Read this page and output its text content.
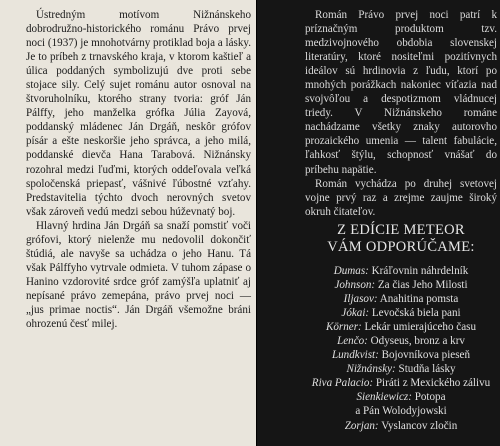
Ústredným motívom Nižnánskeho dobrodružno-historického románu Právo prvej noci (1937) je mnohotvárny protiklad boja a lásky. Je to príbeh z trnavského kraja, v ktorom kaštieľ a úlica poddaných symbolizujú dve proti sebe stojace sily. Celý sujet románu autor osnoval na štvoruholníku, ktorého strany tvoria: gróf Ján Pálffy, jeho manželka grófka Júlia Zayová, poddanský mládenec Ján Drgáň, neskôr grófov písár a ešte neskoršie jeho správca, a jeho milá, poddanské dievča Hana Tarabová. Nižnánsky rozohral medzi ľuďmi, ktorých oddeľovala veľká spoločenská priepasť, vášnivé ľúbostné vzťahy. Predstavitelia týchto dvoch nerovných svetov však zároveň vedú medzi sebou húževnatý boj.

Hlavný hrdina Ján Drgáň sa snaží pomstiť voči grófovi, ktorý nielenže mu nedovolil dokončiť štúdiá, ale navyše sa uchádza o jeho Hanu. Tá však Pálffyho vytrvale odmieta. V tuhom zápase o Hanino vzdorovité srdce gróf zamýšľa uplatniť aj nepísané právo zemepána, právo prvej noci — „jus primae noctis“. Ján Drgáň všemožne bráni ohrozenú česť milej.

Román Právo prvej noci patrí k príznačným produktom tzv. medzivojnového obdobia slovenskej literatúry, ktoré nositeľmi pozitívnych ideálov sú hrdinovia z ľudu, ktorí po mnohých porážkach nakoniec víťazia nad svojvôľou a despotizmom vládnucej triedy. V Nižnánskeho románe nachádzame všetky znaky autorovho prozaického umenia — talent fabulácie, ľahkosť štýlu, schopnosť vnášať do príbehu napätie.

Román vychádza po druhej svetovej vojne prvý raz a zrejme zaujme široký okruh čitateľov.

Z EDÍCIE METEOR
VÁM ODPORÚČAME:
Dumas: Kráľovnin náhrdelník
Johnson: Za čias Jeho Milosti
Iljasov: Anahitina pomsta
Jókai: Levočská biela pani
Körner: Lekár umierajúceho času
Lenčo: Odyseus, bronz a krv
Lundkvist: Bojovníkova pieseň
Nižnánsky: Studňa lásky
Riva Palacio: Piráti z Mexického zálivu
Sienkiewicz: Potopa
a Pán Wolodyjowski
Zorjan: Vyslancov zločin
